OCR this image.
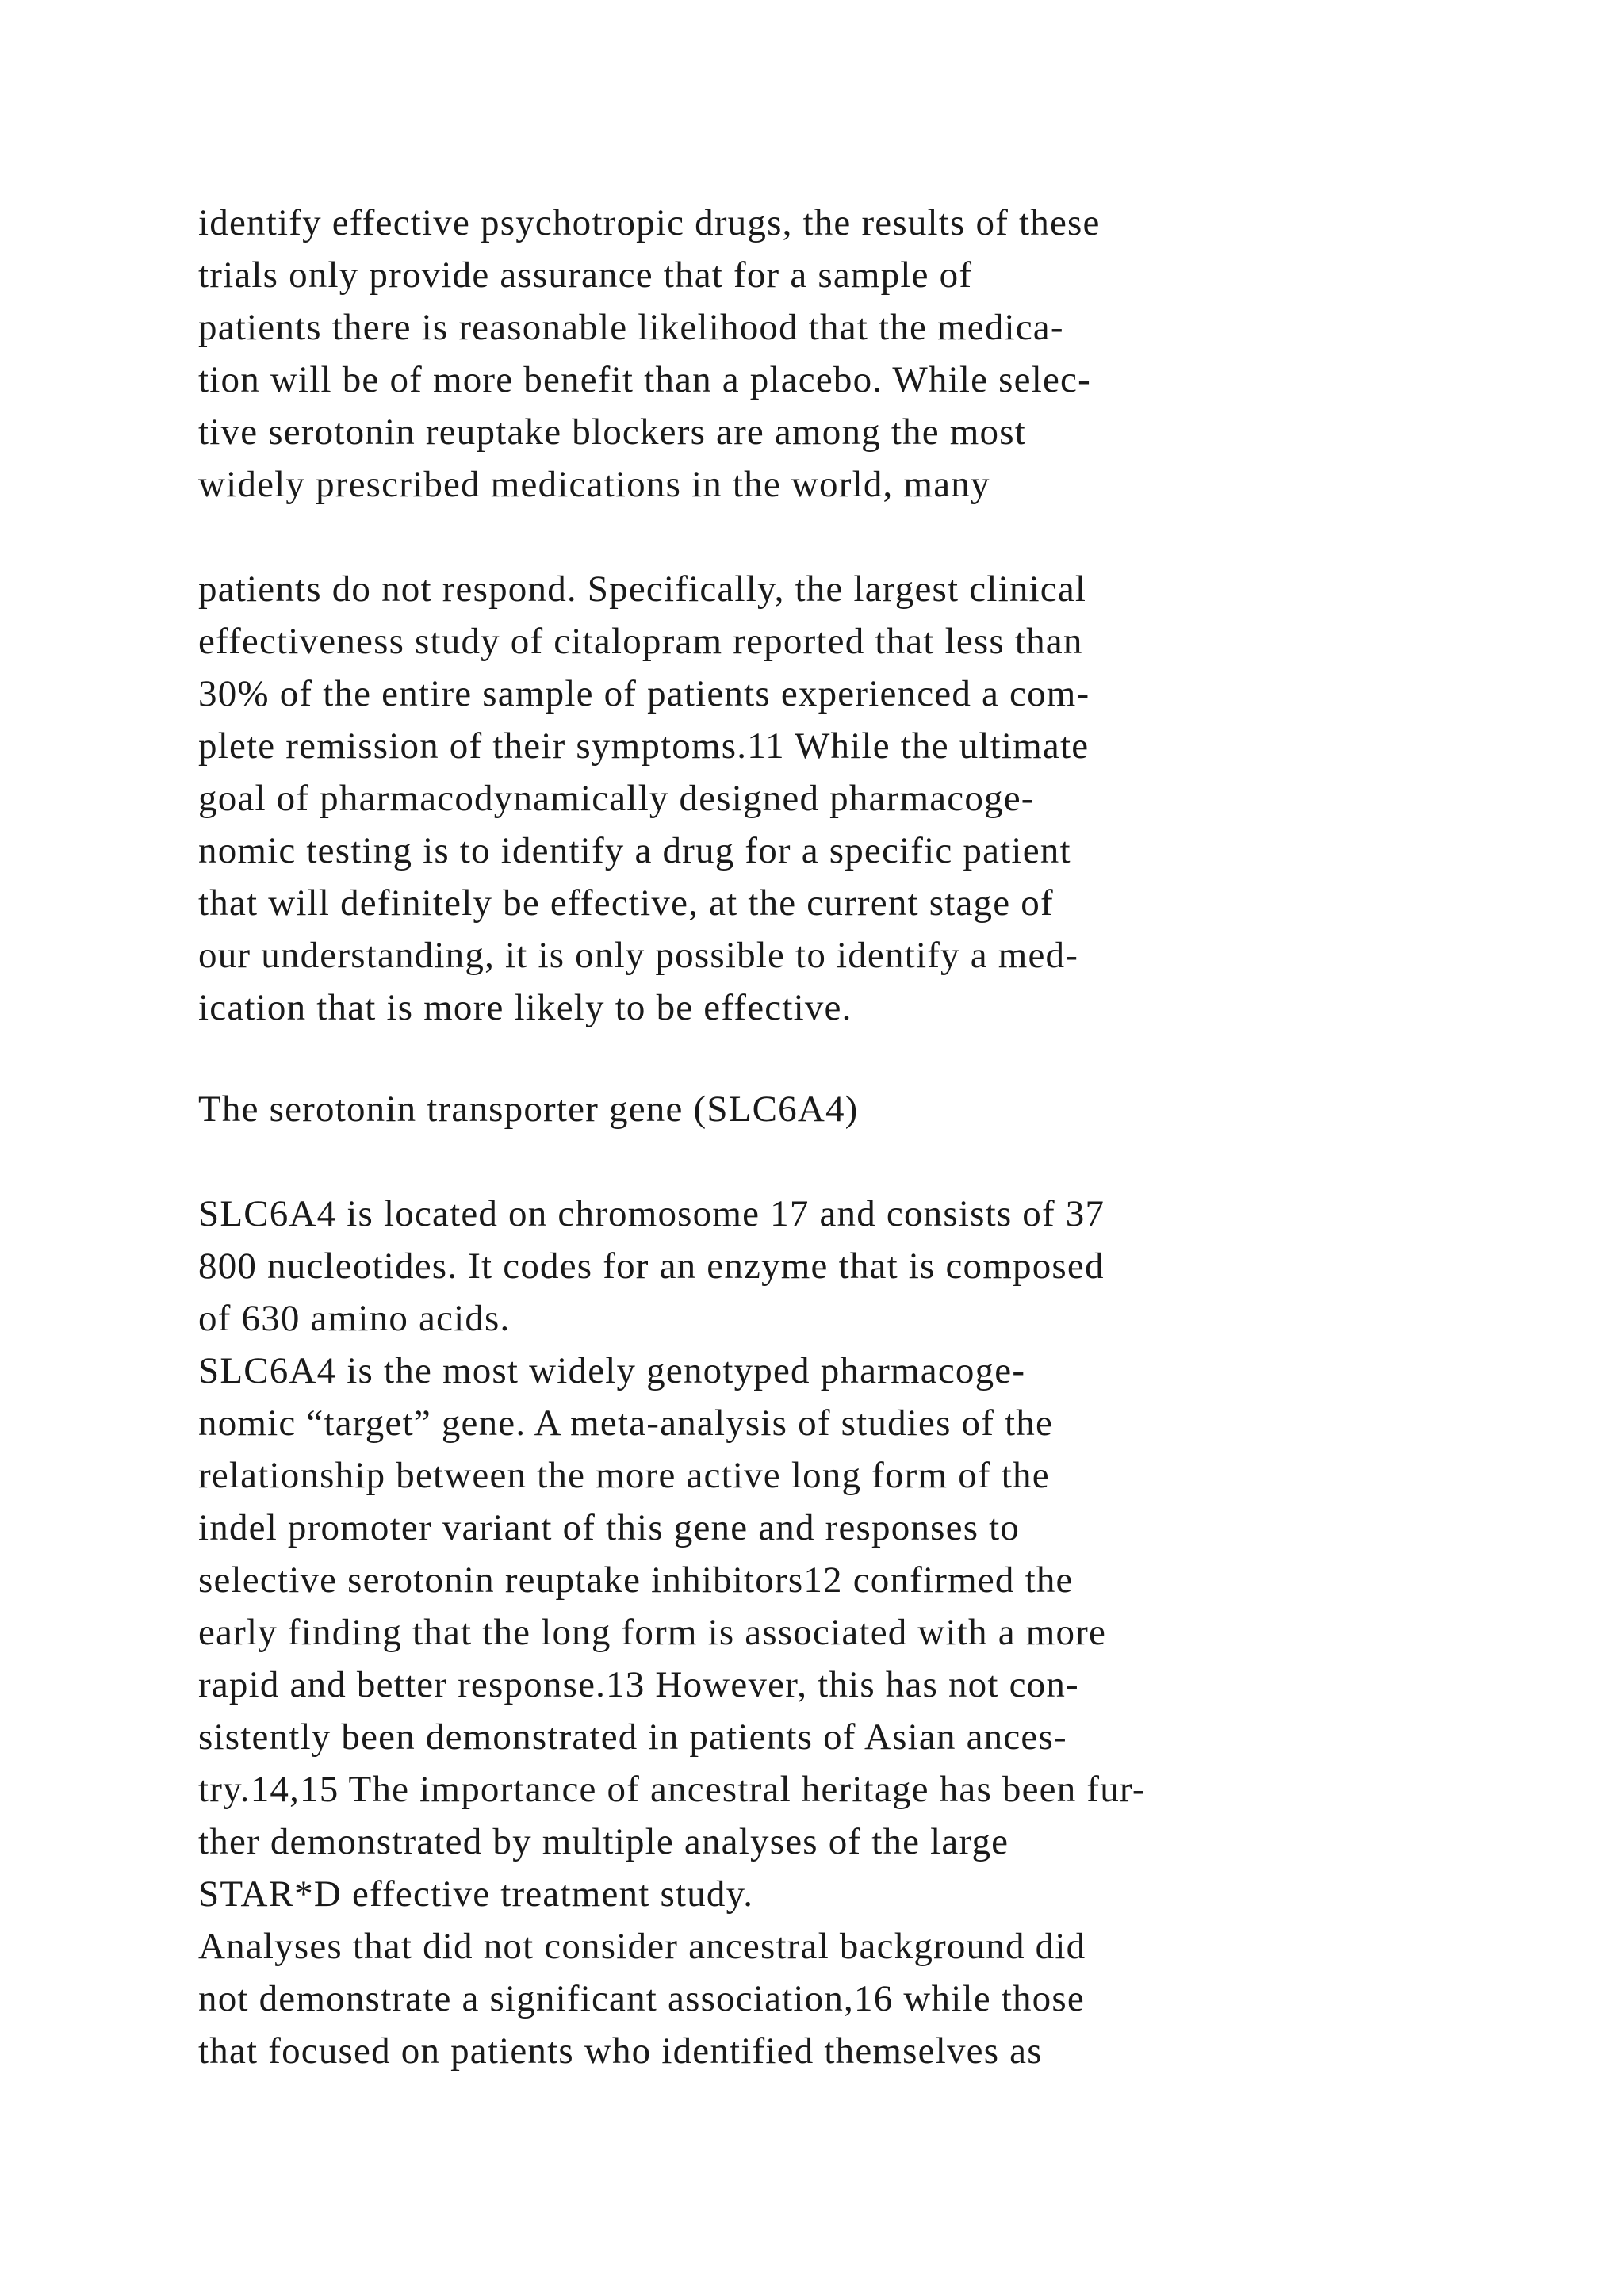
identify effective psychotropic drugs, the results of these
trials only provide assurance that for a sample of
patients there is reasonable likelihood that the medica-
tion will be of more benefit than a placebo. While selec-
tive serotonin reuptake blockers are among the most
widely prescribed medications in the world, many
patients do not respond. Specifically, the largest clinical
effectiveness study of citalopram reported that less than
30% of the entire sample of patients experienced a com-
plete remission of their symptoms.11 While the ultimate
goal of pharmacodynamically designed pharmacoge-
nomic testing is to identify a drug for a specific patient
that will definitely be effective, at the current stage of
our understanding, it is only possible to identify a med-
ication that is more likely to be effective.
The serotonin transporter gene (SLC6A4)
SLC6A4 is located on chromosome 17 and consists of 37
800 nucleotides. It codes for an enzyme that is composed
of 630 amino acids.
SLC6A4 is the most widely genotyped pharmacoge-
nomic “target” gene. A meta-analysis of studies of the
relationship between the more active long form of the
indel promoter variant of this gene and responses to
selective serotonin reuptake inhibitors12 confirmed the
early finding that the long form is associated with a more
rapid and better response.13 However, this has not con-
sistently been demonstrated in patients of Asian ances-
try.14,15 The importance of ancestral heritage has been fur-
ther demonstrated by multiple analyses of the large
STAR*D effective treatment study.
Analyses that did not consider ancestral background did
not demonstrate a significant association,16 while those
that focused on patients who identified themselves as
